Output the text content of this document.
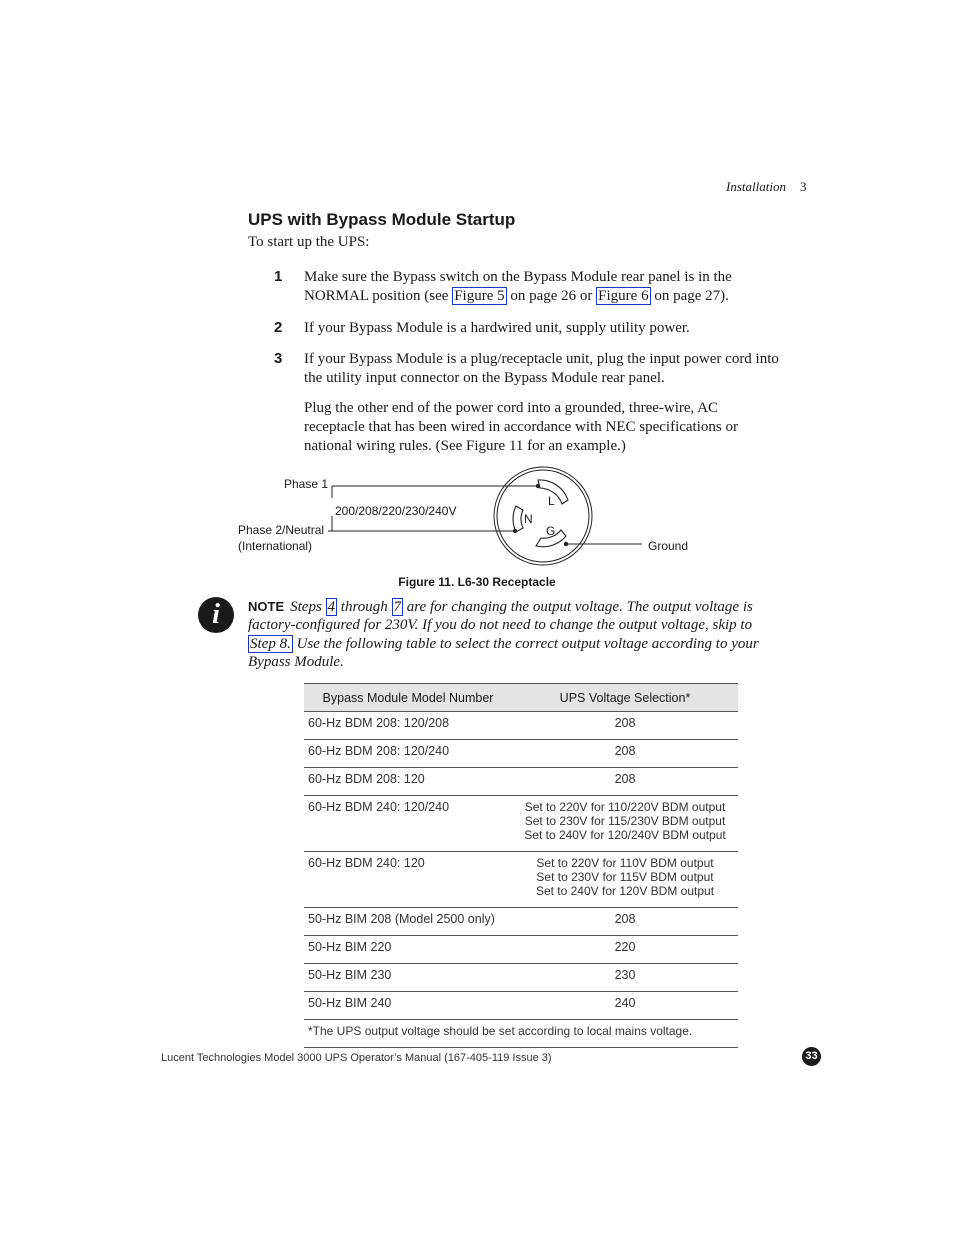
Installation 3
UPS with Bypass Module Startup
To start up the UPS:
1 Make sure the Bypass switch on the Bypass Module rear panel is in the NORMAL position (see Figure 5 on page 26 or Figure 6 on page 27).
2 If your Bypass Module is a hardwired unit, supply utility power.
3 If your Bypass Module is a plug/receptacle unit, plug the input power cord into the utility input connector on the Bypass Module rear panel.
Plug the other end of the power cord into a grounded, three-wire, AC receptacle that has been wired in accordance with NEC specifications or national wiring rules. (See Figure 11 for an example.)
Phase 1
200/208/220/230/240V
Phase 2/Neutral
(International)	Ground
L
N
G
Figure 11. L6-30 Receptacle
i	NOTE Steps 4 through 7 are for changing the output voltage. The output voltage is factory-configured for 230V. If you do not need to change the output voltage, skip to Step 8. Use the following table to select the correct output voltage according to your Bypass Module.
Bypass Module Model Number	UPS Voltage Selection*
60-Hz BDM 208: 120/208	208
60-Hz BDM 208: 120/240	208
60-Hz BDM 208: 120	208
60-Hz BDM 240: 120/240	Set to 220V for 110/220V BDM output
Set to 230V for 115/230V BDM output
Set to 240V for 120/240V BDM output

60-Hz BDM 240: 120	Set to 220V for 110V BDM output
Set to 230V for 115V BDM output
Set to 240V for 120V BDM output

50-Hz BIM 208 (Model 2500 only)	208
50-Hz BIM 220	220
50-Hz BIM 230	230
50-Hz BIM 240	240
*The UPS output voltage should be set according to local mains voltage.	
Lucent Technologies Model 3000 UPS Operator’s Manual (167-405-119 Issue 3)	33
